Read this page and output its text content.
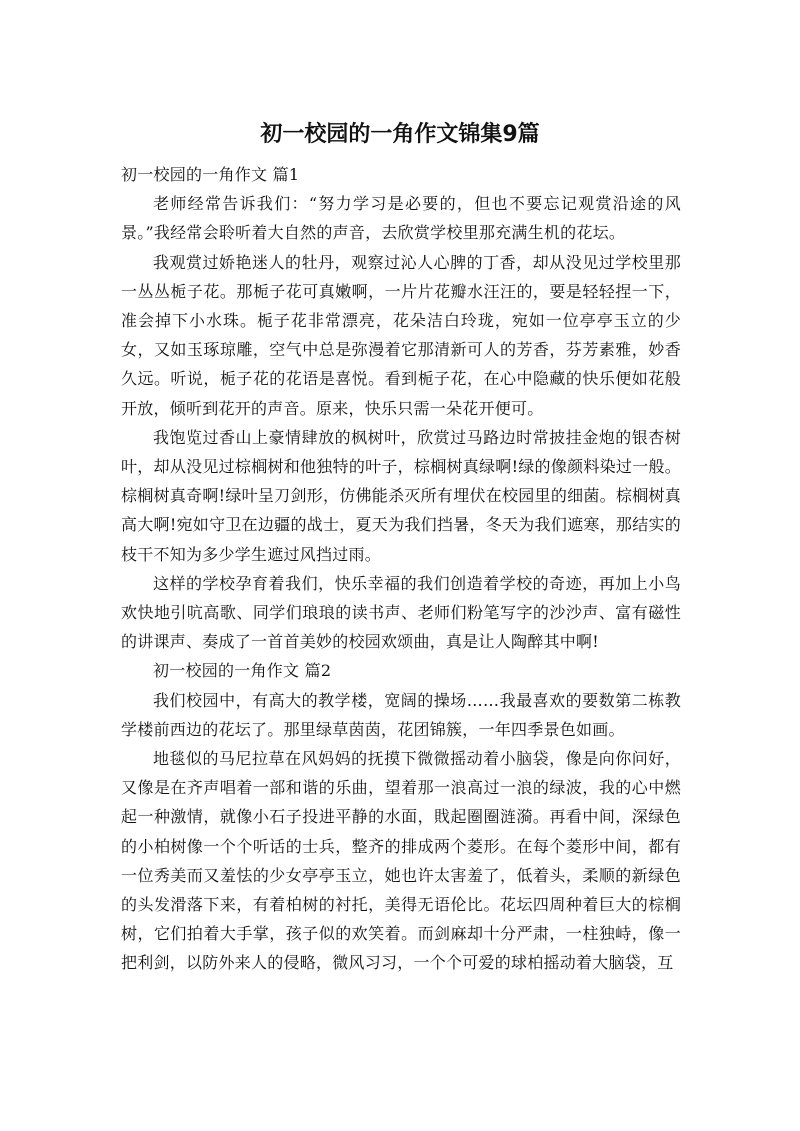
初一校园的一角作文锦集9篇
初一校园的一角作文 篇1

老师经常告诉我们：“努力学习是必要的，但也不要忘记观赏沿途的风景。”我经常会聆听着大自然的声音，去欣赏学校里那充满生机的花坛。

我观赏过娇艳迷人的牡丹，观察过沁人心脾的丁香，却从没见过学校里那一丛丛栀子花。那栀子花可真嫩啊，一片片花瓣水汪汪的，要是轻轻捏一下，准会掉下小水珠。栀子花非常漂亮，花朵洁白玲珑，宛如一位亭亭玉立的少女，又如玉琢琼雕，空气中总是弥漫着它那清新可人的芳香，芬芳素雅，妙香久远。听说，栀子花的花语是喜悦。看到栀子花，在心中隐藏的快乐便如花般开放，倾听到花开的声音。原来，快乐只需一朵花开便可。

我饱览过香山上豪情肆放的枫树叶，欣赏过马路边时常披挂金炮的银杏树叶，却从没见过棕榈树和他独特的叶子，棕榈树真绿啊!绿的像颜料染过一般。棕榈树真奇啊!绿叶呈刀剑形，仿佛能杀灭所有埋伏在校园里的细菌。棕榈树真高大啊!宛如守卫在边疆的战士，夏天为我们挡暑，冬天为我们遮寒，那结实的枝干不知为多少学生遮过风挡过雨。

这样的学校孕育着我们，快乐幸福的我们创造着学校的奇迹，再加上小鸟欢快地引吭高歌、同学们琅琅的读书声、老师们粉笔写字的沙沙声、富有磁性的讲课声、奏成了一首首美妙的校园欢颂曲，真是让人陶醉其中啊!

初一校园的一角作文 篇2

我们校园中，有高大的教学楼，宽阔的操场……我最喜欢的要数第二栋教学楼前西边的花坛了。那里绿草茵茵，花团锦簇，一年四季景色如画。

地毯似的马尼拉草在风妈妈的抚摸下微微摇动着小脑袋，像是向你问好，又像是在齐声唱着一部和谐的乐曲，望着那一浪高过一浪的绿波，我的心中燃起一种激情，就像小石子投进平静的水面，戝起圈圈涟漪。再看中间，深绿色的小柏树像一个个听话的士兵，整齐的排成两个菱形。在每个菱形中间，都有一位秀美而又羞怯的少女亭亭玉立，她也许太害羞了，低着头，柔顺的新绿色的头发滑落下来，有着柏树的衬托，美得无语伦比。花坛四周种着巨大的棕榈树，它们拍着大手掌，孩子似的欢笑着。而剑麻却十分严肃，一柱独峙，像一把利剑，以防外来人的侵略，微风习习，一个个可爱的球柏摇动着大脑袋，互
